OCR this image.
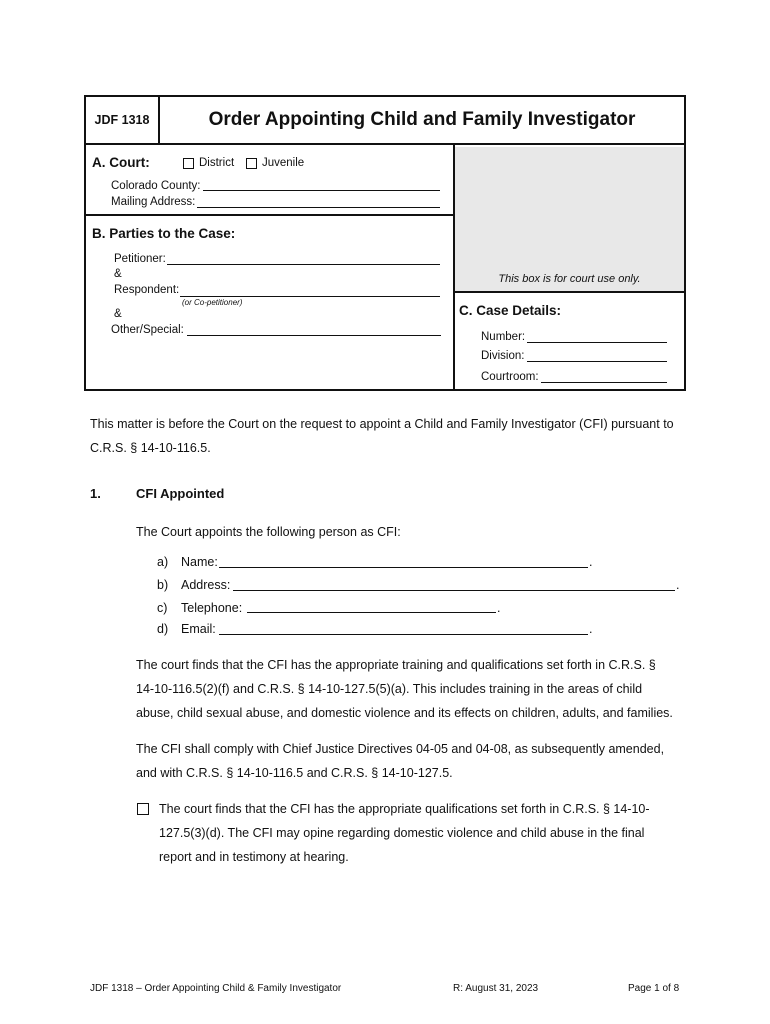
JDF 1318	Order Appointing Child and Family Investigator
A. Court:	District Juvenile
Colorado County:
Mailing Address:
This box is for court use only.
B. Parties to the Case:
Petitioner:
&
Respondent:
(or Co-petitioner)
&
Other/Special:
C. Case Details:
Number:
Division:
Courtroom:
This matter is before the Court on the request to appoint a Child and Family Investigator (CFI) pursuant to
C.R.S. § 14-10-116.5.
1.	CFI Appointed
The Court appoints the following person as CFI:
a) Name:	.
b) Address:	.
c) Telephone:	.
d) Email:	.
The court finds that the CFI has the appropriate training and qualifications set forth in C.R.S. §
14-10-116.5(2)(f) and C.R.S. § 14-10-127.5(5)(a). This includes training in the areas of child
abuse, child sexual abuse, and domestic violence and its effects on children, adults, and families.
The CFI shall comply with Chief Justice Directives 04-05 and 04-08, as subsequently amended,
and with C.R.S. § 14-10-116.5 and C.R.S. § 14-10-127.5.
The court finds that the CFI has the appropriate qualifications set forth in C.R.S. § 14-10-
127.5(3)(d). The CFI may opine regarding domestic violence and child abuse in the final
report and in testimony at hearing.
JDF 1318 – Order Appointing Child & Family Investigator	R: August 31, 2023	Page 1 of 8
